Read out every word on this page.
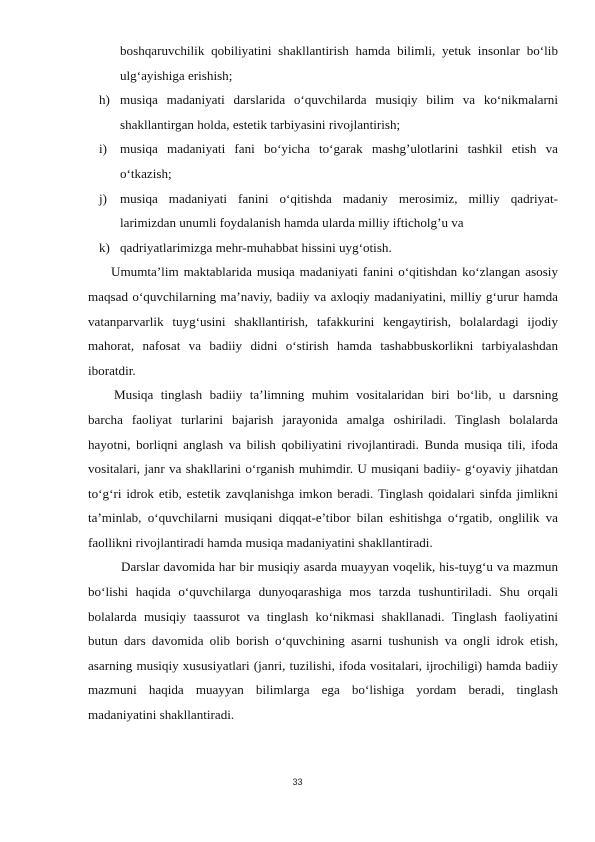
boshqaruvchilik qobiliyatini shakllantirish hamda bilimli, yetuk insonlar bo‘lib ulg‘ayishiga erishish;

h) musiqa madaniyati darslarida o‘quvchilarda musiqiy bilim va ko‘nikmalarni shakllantirgan holda, estetik tarbiyasini rivojlantirish;

i) musiqa madaniyati fani bo‘yicha to‘garak mashg’ulotlarini tashkil etish va o‘tkazish;

j) musiqa madaniyati fanini o‘qitishda madaniy merosimiz, milliy qadriyat- larimizdan unumli foydalanish hamda ularda milliy ifticholg’u va

k) qadriyatlarimizga mehr-muhabbat hissini uyg‘otish.

Umumta’lim maktablarida musiqa madaniyati fanini o‘qitishdan ko‘zlangan asosiy maqsad o‘quvchilarning ma’naviy, badiiy va axloqiy madaniyatini, milliy g‘urur hamda vatanparvarlik tuyg‘usini shakllantirish, tafakkurini kengaytirish, bolalardagi ijodiy mahorat, nafosat va badiiy didni o‘stirish hamda tashabbuskorlikni tarbiyalashdan iboratdir.

Musiqa tinglash badiiy ta’limning muhim vositalaridan biri bo‘lib, u darsning barcha faoliyat turlarini bajarish jarayonida amalga oshiriladi. Tinglash bolalarda hayotni, borliqni anglash va bilish qobiliyatini rivojlantiradi. Bunda musiqa tili, ifoda vositalari, janr va shakllarini o‘rganish muhimdir. U musiqani badiiy- g‘oyaviy jihatdan to‘g‘ri idrok etib, estetik zavqlanishga imkon beradi. Tinglash qoidalari sinfda jimlikni ta’minlab, o‘quvchilarni musiqani diqqat-e’tibor bilan eshitishga o‘rgatib, onglilik va faollikni rivojlantiradi hamda musiqa madaniyatini shakllantiradi.

Darslar davomida har bir musiqiy asarda muayyan voqelik, his-tuyg‘u va mazmun bo‘lishi haqida o‘quvchilarga dunyoqarashiga mos tarzda tushuntiriladi. Shu orqali bolalarda musiqiy taassurot va tinglash ko‘nikmasi shakllanadi. Tinglash faoliyatini butun dars davomida olib borish o‘quvchining asarni tushunish va ongli idrok etish, asarning musiqiy xususiyatlari (janri, tuzilishi, ifoda vositalari, ijrochiligi) hamda badiiy mazmuni haqida muayyan bilimlarga ega bo‘lishiga yordam beradi, tinglash madaniyatini shakllantiradi.

33
